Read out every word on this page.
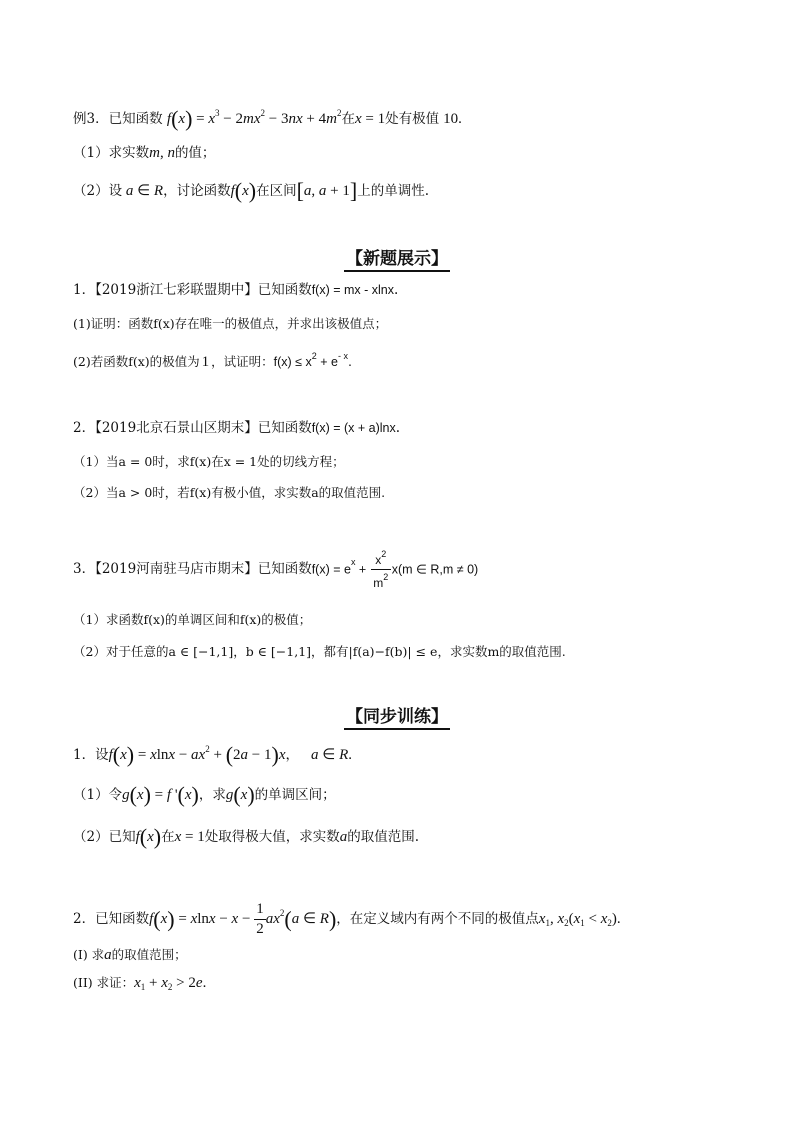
例3．已知函数 $f(x) = x^3 - 2mx^2 - 3nx + 4m^2$在x = 1处有极值 10.
（1）求实数m, n的值；
（2）设 a ∈ R，讨论函数f(x)在区间[a, a + 1]上的单调性.
【新题展示】
1．【2019浙江七彩联盟期中】已知函数f(x) = mx - xlnx.
(1)证明：函数f(x)存在唯一的极值点，并求出该极值点；
(2)若函数f(x)的极值为 1 ，试证明：$f(x) \le x^2 + e^{- x}$.
2．【2019北京石景山区期末】已知函数f(x) = (x + a)lnx.
（1）当a = 0时，求f(x)在x = 1处的切线方程；
（2）当a > 0时，若f(x)有极小值，求实数a的取值范围.
3．【2019河南驻马店市期末】已知函数$f(x) = e^x + \frac{x^2}{m^2} x(m$ ∈ R,m ≠ 0)
（1）求函数f(x)的单调区间和f(x)的极值；
（2）对于任意的a ∈ [−1,1]，b ∈ [−1,1]，都有|f(a)−f(b)| ≤ e，求实数m的取值范围.
【同步训练】
1．设$f(x) = xlnx - ax^2 + (2a - 1)x$， a ∈ R.
（1）令g(x) = f '(x)，求g(x)的单调区间；
（2）已知f(x)在x = 1处取得极大值，求实数a的取值范围.
2．已知函数$f(x) = xlnx - x - \frac{1}{2} ax^2(a$ ∈ R)，在定义域内有两个不同的极值点$x_1$, $x_2(x_1 < x_2)$.
(I) 求a的取值范围；
(II) 求证：$x_1 + x_2 > 2e$.
